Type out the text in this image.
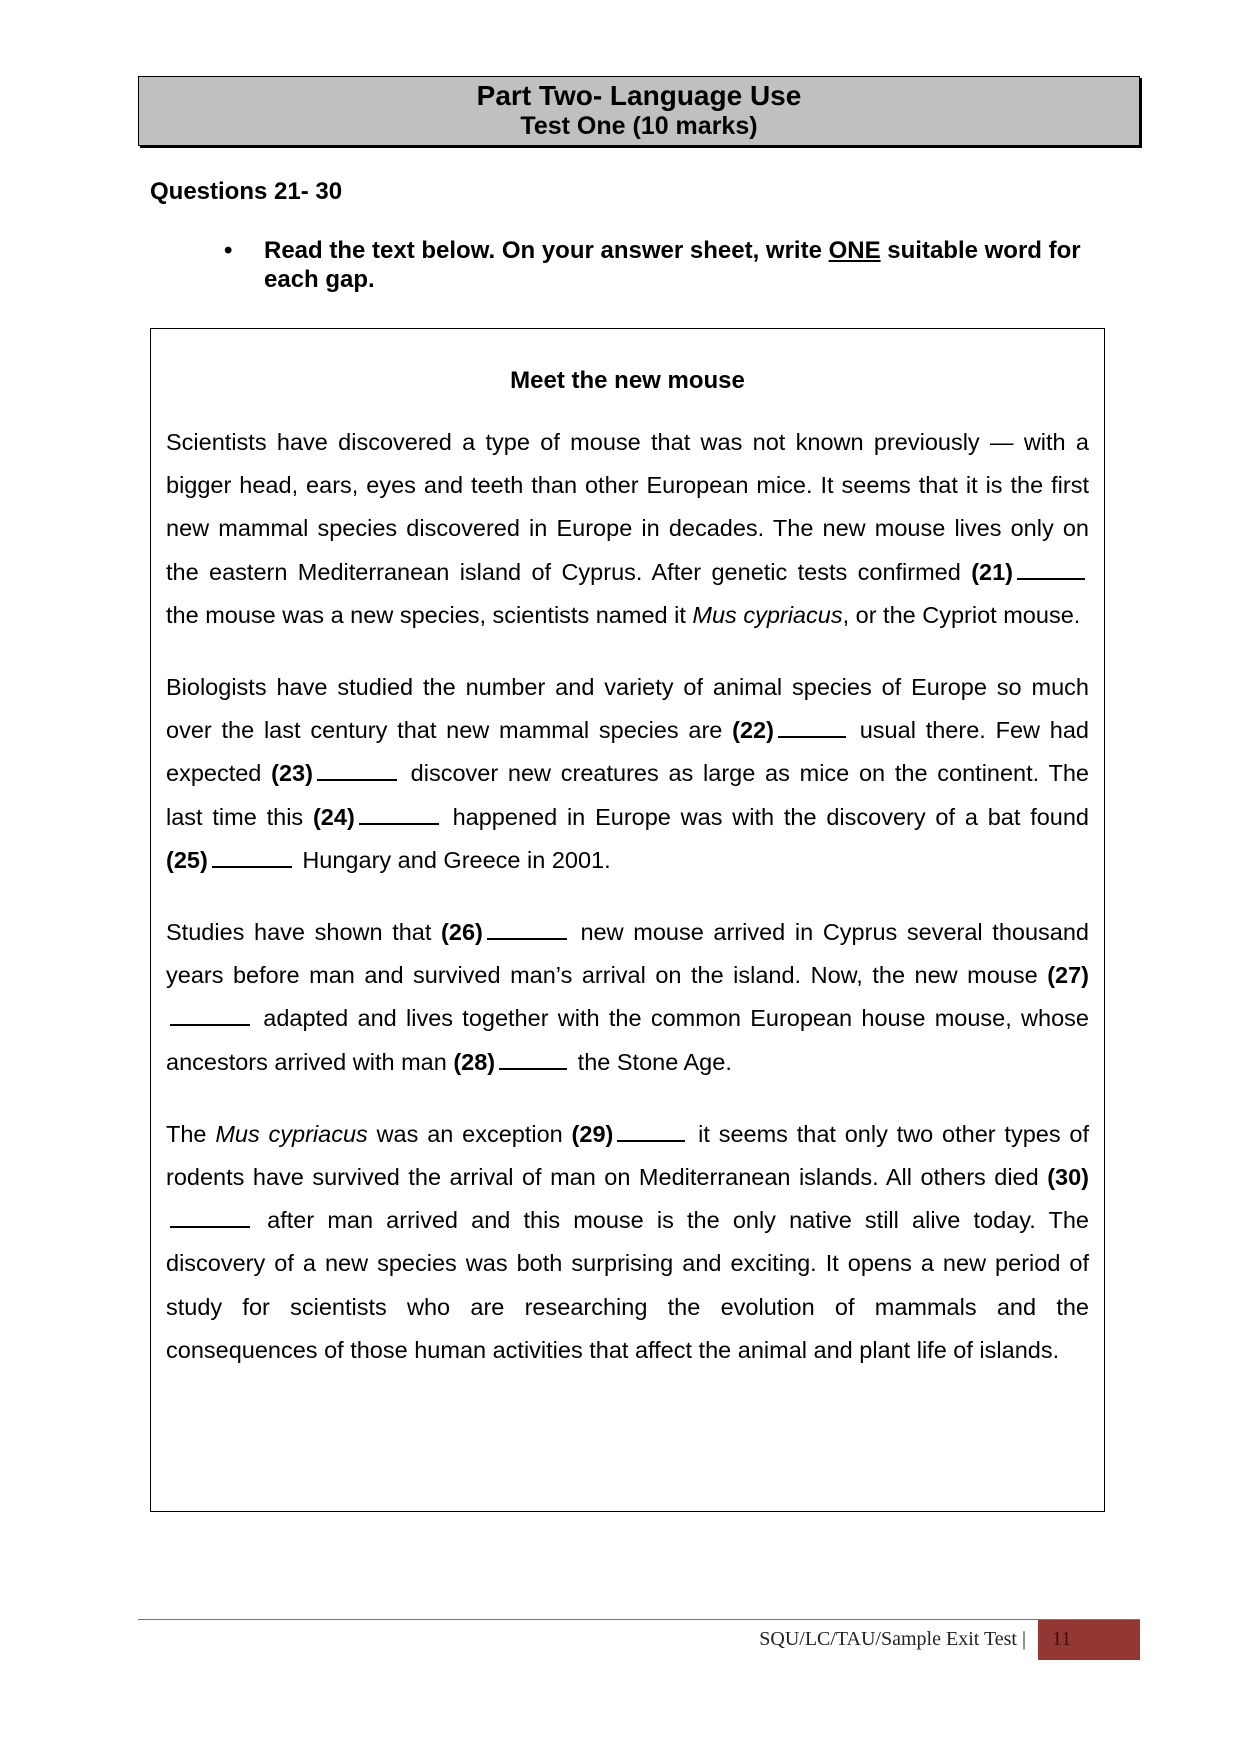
Part Two- Language Use
Test One (10 marks)
Questions 21- 30
• Read the text below. On your answer sheet, write ONE suitable word for each gap.
Meet the new mouse

Scientists have discovered a type of mouse that was not known previously — with a bigger head, ears, eyes and teeth than other European mice. It seems that it is the first new mammal species discovered in Europe in decades. The new mouse lives only on the eastern Mediterranean island of Cyprus. After genetic tests confirmed (21) the mouse was a new species, scientists named it Mus cypriacus, or the Cypriot mouse.

Biologists have studied the number and variety of animal species of Europe so much over the last century that new mammal species are (22)	usual there. Few had expected (23)	discover new creatures as large as mice on the continent. The last time this (24)	happened in Europe was with the discovery of a bat found (25)	Hungary and Greece in 2001.

Studies have shown that (26)	new mouse arrived in Cyprus several thousand years before man and survived man’s arrival on the island. Now, the new mouse (27) adapted and lives together with the common European house mouse, whose ancestors arrived with man (28)	the Stone Age.

The Mus cypriacus was an exception (29)	it seems that only two other types of rodents have survived the arrival of man on Mediterranean islands. All others died (30) after man arrived and this mouse is the only native still alive today. The discovery of a new species was both surprising and exciting. It opens a new period of study for scientists who are researching the evolution of mammals and the consequences of those human activities that affect the animal and plant life of islands.

SQU/LC/TAU/Sample Exit Test |	11
